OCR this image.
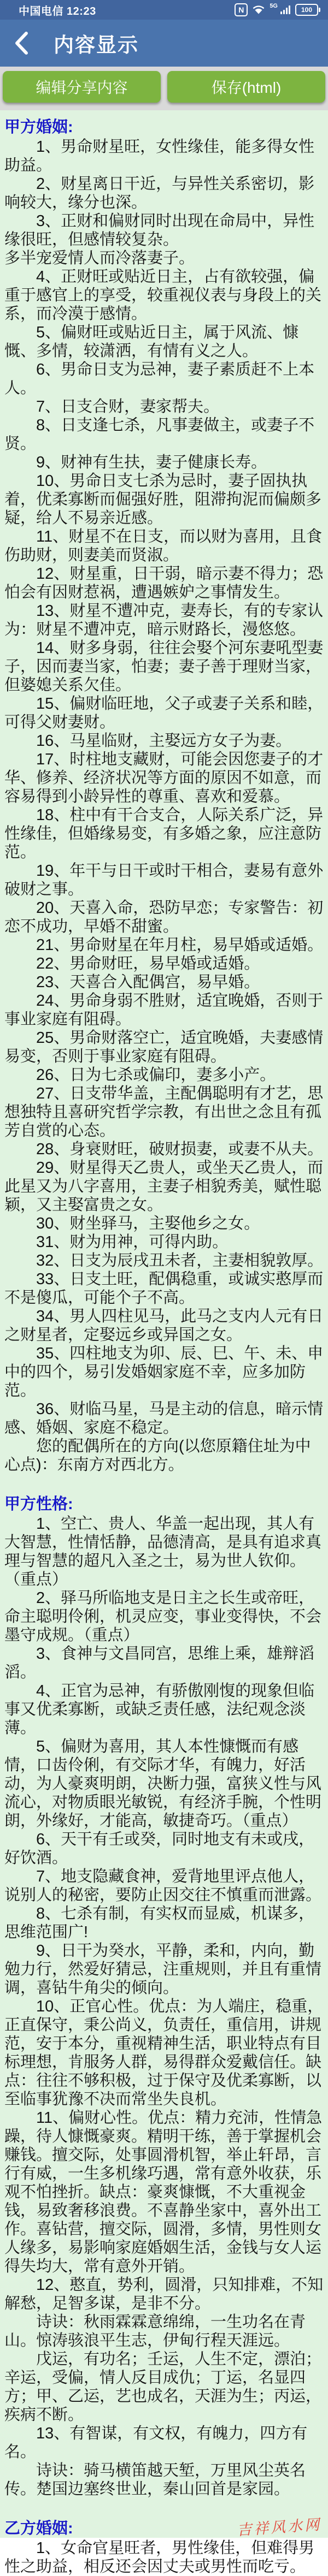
中国电信 12:23	N	5G	100
内容显示
编辑分享内容	保存(html)
甲方婚姻:

1、男命财星旺，女性缘佳，能多得女性助益。

2、财星离日干近，与异性关系密切，影响较大，缘分也深。

3、正财和偏财同时出现在命局中，异性缘很旺，但感情较复杂。

多半宠爱情人而冷落妻子。

4、正财旺或贴近日主，占有欲较强，偏重于感官上的享受，较重视仪表与身段上的关系，而冷漠于感情。

5、偏财旺或贴近日主，属于风流、慷慨、多情，较潇洒，有情有义之人。

6、男命日支为忌神，妻子素质赶不上本人。

7、日支合财，妻家帮夫。

8、日支逢七杀，凡事妻做主，或妻子不贤。

9、财神有生扶，妻子健康长寿。

10、男命日支七杀为忌时，妻子固执执着，优柔寡断而倔强好胜，阻滞拘泥而偏颇多疑，给人不易亲近感。

11、财星不在日支，而以财为喜用，且食伤助财，则妻美而贤淑。

12、财星重，日干弱，暗示妻不得力；恐怕会有因财惹祸，遭遇嫉妒之事情发生。

13、财星不遭冲克，妻寿长，有的专家认为：财星不遭冲克，暗示财路长，漫悠悠。

14、财多身弱，往往会娶个河东妻吼型妻子，因而妻当家，怕妻；妻子善于理财当家，但婆媳关系欠佳。

15、偏财临旺地，父子或妻子关系和睦，可得父财妻财。

16、马星临财，主娶远方女子为妻。

17、时柱地支藏财，可能会因您妻子的才华、修养、经济状况等方面的原因不如意，而容易得到小龄异性的尊重、喜欢和爱慕。

18、柱中有干合支合，人际关系广泛，异性缘佳，但婚缘易变，有多婚之象，应注意防范。

19、年干与日干或时干相合，妻易有意外破财之事。

20、天喜入命，恐防早恋；专家警告：初恋不成功，早婚不甜蜜。

21、男命财星在年月柱，易早婚或适婚。

22、男命财旺，易早婚或适婚。

23、天喜合入配偶宫，易早婚。

24、男命身弱不胜财，适宜晚婚，否则于事业家庭有阻碍。

25、男命财落空亡，适宜晚婚，夫妻感情易变，否则于事业家庭有阻碍。

26、日为七杀或偏印，妻多小产。

27、日支带华盖，主配偶聪明有才艺，思想独特且喜研究哲学宗教，有出世之念且有孤芳自赏的心态。

28、身衰财旺，破财损妻，或妻不从夫。

29、财星得天乙贵人，或坐天乙贵人，而此星又为八字喜用，主妻子相貌秀美，赋性聪颖，又主娶富贵之女。

30、财坐驿马，主娶他乡之女。

31、财为用神，可得内助。

32、日支为辰戌丑未者，主妻相貌敦厚。

33、日支土旺，配偶稳重，或诚实憨厚而不是傻瓜，可能个子不高。

34、男人四柱见马，此马之支内人元有日之财星者，定娶远乡或异国之女。

35、四柱地支为卯、辰、巳、午、未、申中的四个，易引发婚姻家庭不幸，应多加防范。

36、财临马星，马是主动的信息，暗示情感、婚姻、家庭不稳定。

您的配偶所在的方向(以您原籍住址为中心点)：东南方对西北方。

甲方性格:

1、空亡、贵人、华盖一起出现，其人有大智慧，性情恬静，品德清高，是具有追求真理与智慧的超凡入圣之士，易为世人钦仰。（重点）

2、驿马所临地支是日主之长生或帝旺，命主聪明伶俐，机灵应变，事业变得快，不会墨守成规。（重点）

3、食神与文昌同宫，思维上乘，雄辩滔滔。

4、正官为忌神，有骄傲刚愎的现象但临事又优柔寡断，或缺乏责任感，法纪观念淡薄。

5、偏财为喜用，其人本性慷慨而有感情，口齿伶俐，有交际才华，有魄力，好活动，为人豪爽明朗，决断力强，富狭义性与风流心，对物质眼光敏锐，有经济手腕，个性明朗，外缘好，才能高，敏捷奇巧。（重点）

6、天干有壬或癸，同时地支有未或戌，好饮酒。

7、地支隐藏食神，爱背地里评点他人，说别人的秘密，要防止因交往不慎重而泄露。

8、七杀有制，有实权而显威，机谋多，思维范围广!

9、日干为癸水，平静，柔和，内向，勤勉力行，然爱好猜忌，注重规则，并且有重情调，喜钻牛角尖的倾向。

10、正官心性。优点：为人端庄，稳重，正直保守，秉公尚义，负责任，重信用，讲规范，安于本分，重视精神生活，职业特点有目标理想，肯服务人群，易得群众爱戴信任。缺点：往往不够积极，过于保守及优柔寡断，以至临事犹豫不决而常坐失良机。

11、偏财心性。优点：精力充沛，性情急躁，待人慷慨豪爽。精明干练，善于掌握机会赚钱。擅交际，处事圆滑机智，举止轩昂，言行有威，一生多机缘巧遇，常有意外收获，乐观不怕挫折。缺点：豪爽慷慨，不大重视金钱，易致奢移浪费。不喜静坐家中，喜外出工作。喜钻营，擅交际，圆滑，多情，男性则女人缘多，易影响家庭婚姻生活，金钱与女人运得失均大，常有意外开销。

12、憨直，势利，圆滑，只知排难，不知解愁，足智多谋，是非不分。

诗诀：秋雨霖霖意绵绵，一生功名在青山。惊涛骇浪平生志，伊甸行程天涯远。

戊运，有功名；壬运，人生不定，漂泊；辛运，受偏，情人反目成仇；丁运，名显四方；甲、乙运，艺也成名，天涯为生；丙运，疾病不断。

13、有智谋，有文权，有魄力，四方有名。

诗诀：骑马横笛越天堑，万里风尘英名传。楚国边塞终世业，秦山回首是家园。

乙方婚姻:

1、女命官星旺者，男性缘佳，但难得男性之助益，相反还会因丈夫或男性而吃亏。

吉祥风水网
